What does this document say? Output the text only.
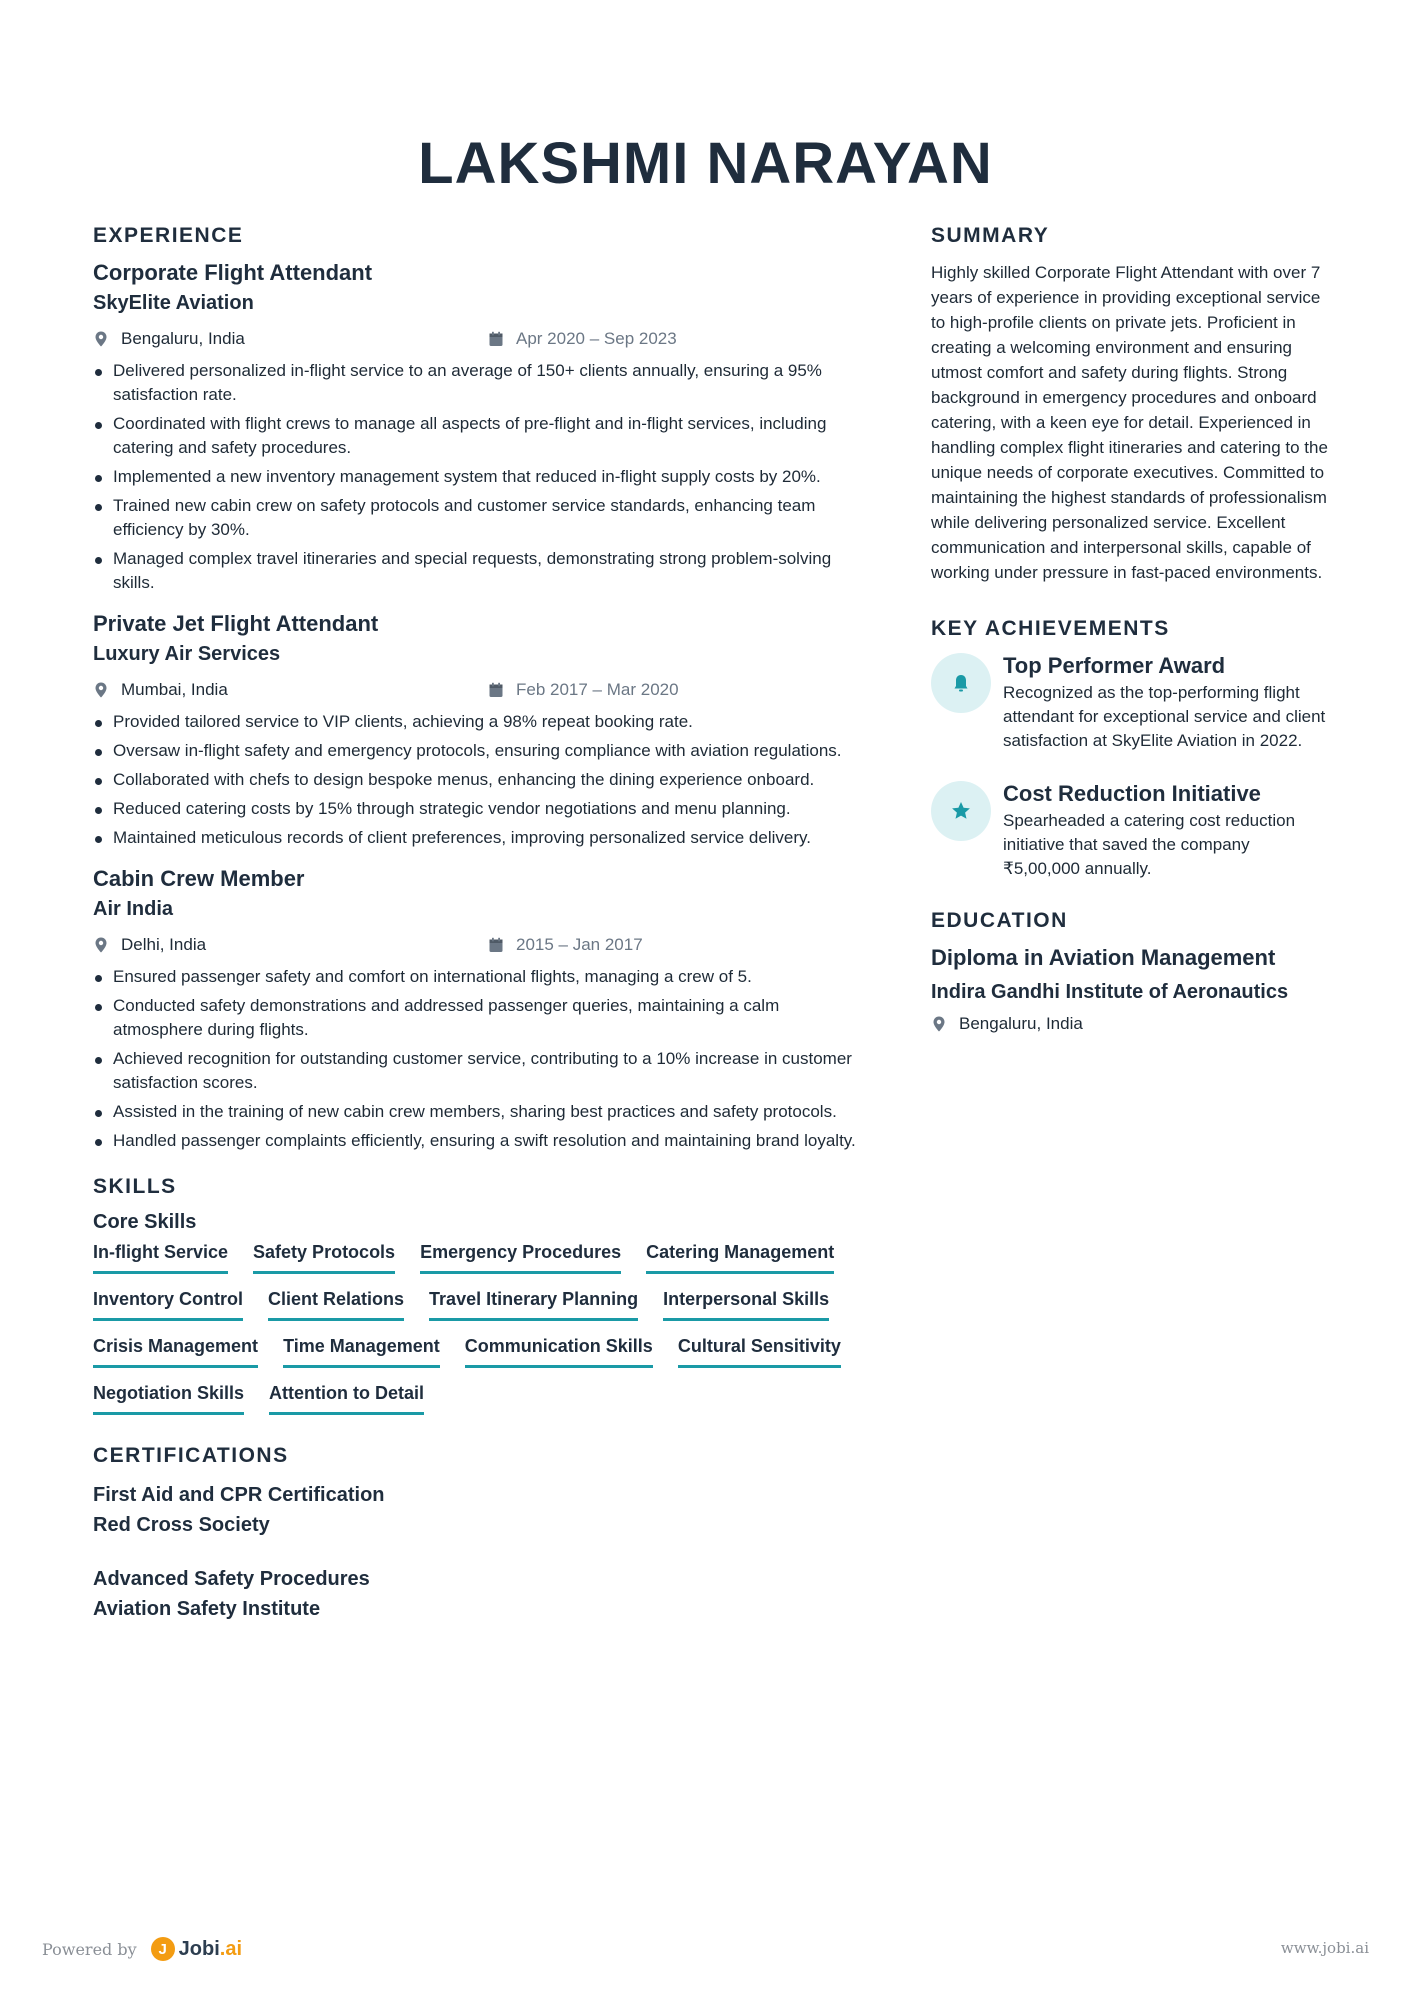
LAKSHMI NARAYAN
EXPERIENCE
Corporate Flight Attendant
SkyElite Aviation
Bengaluru, India	Apr 2020 – Sep 2023
Delivered personalized in-flight service to an average of 150+ clients annually, ensuring a 95% satisfaction rate.
Coordinated with flight crews to manage all aspects of pre-flight and in-flight services, including catering and safety procedures.
Implemented a new inventory management system that reduced in-flight supply costs by 20%.
Trained new cabin crew on safety protocols and customer service standards, enhancing team efficiency by 30%.
Managed complex travel itineraries and special requests, demonstrating strong problem-solving skills.
Private Jet Flight Attendant
Luxury Air Services
Mumbai, India	Feb 2017 – Mar 2020
Provided tailored service to VIP clients, achieving a 98% repeat booking rate.
Oversaw in-flight safety and emergency protocols, ensuring compliance with aviation regulations.
Collaborated with chefs to design bespoke menus, enhancing the dining experience onboard.
Reduced catering costs by 15% through strategic vendor negotiations and menu planning.
Maintained meticulous records of client preferences, improving personalized service delivery.
Cabin Crew Member
Air India
Delhi, India	2015 – Jan 2017
Ensured passenger safety and comfort on international flights, managing a crew of 5.
Conducted safety demonstrations and addressed passenger queries, maintaining a calm atmosphere during flights.
Achieved recognition for outstanding customer service, contributing to a 10% increase in customer satisfaction scores.
Assisted in the training of new cabin crew members, sharing best practices and safety protocols.
Handled passenger complaints efficiently, ensuring a swift resolution and maintaining brand loyalty.
SKILLS
Core Skills
In-flight Service Safety Protocols Emergency Procedures Catering Management
Inventory Control Client Relations Travel Itinerary Planning Interpersonal Skills
Crisis Management Time Management Communication Skills Cultural Sensitivity
Negotiation Skills Attention to Detail
CERTIFICATIONS
First Aid and CPR Certification
Red Cross Society
Advanced Safety Procedures
Aviation Safety Institute
SUMMARY

Highly skilled Corporate Flight Attendant with over 7 years of experience in providing exceptional service to high-profile clients on private jets. Proficient in creating a welcoming environment and ensuring utmost comfort and safety during flights. Strong background in emergency procedures and onboard catering, with a keen eye for detail. Experienced in handling complex flight itineraries and catering to the unique needs of corporate executives. Committed to maintaining the highest standards of professionalism while delivering personalized service. Excellent communication and interpersonal skills, capable of working under pressure in fast-paced environments.

KEY ACHIEVEMENTS
Top Performer Award
Recognized as the top-performing flight attendant for exceptional service and client satisfaction at SkyElite Aviation in 2022.
Cost Reduction Initiative
Spearheaded a catering cost reduction initiative that saved the company ₹5,00,000 annually.
EDUCATION
Diploma in Aviation Management
Indira Gandhi Institute of Aeronautics
Bengaluru, India
Powered by	J Jobi.ai	www.jobi.ai
